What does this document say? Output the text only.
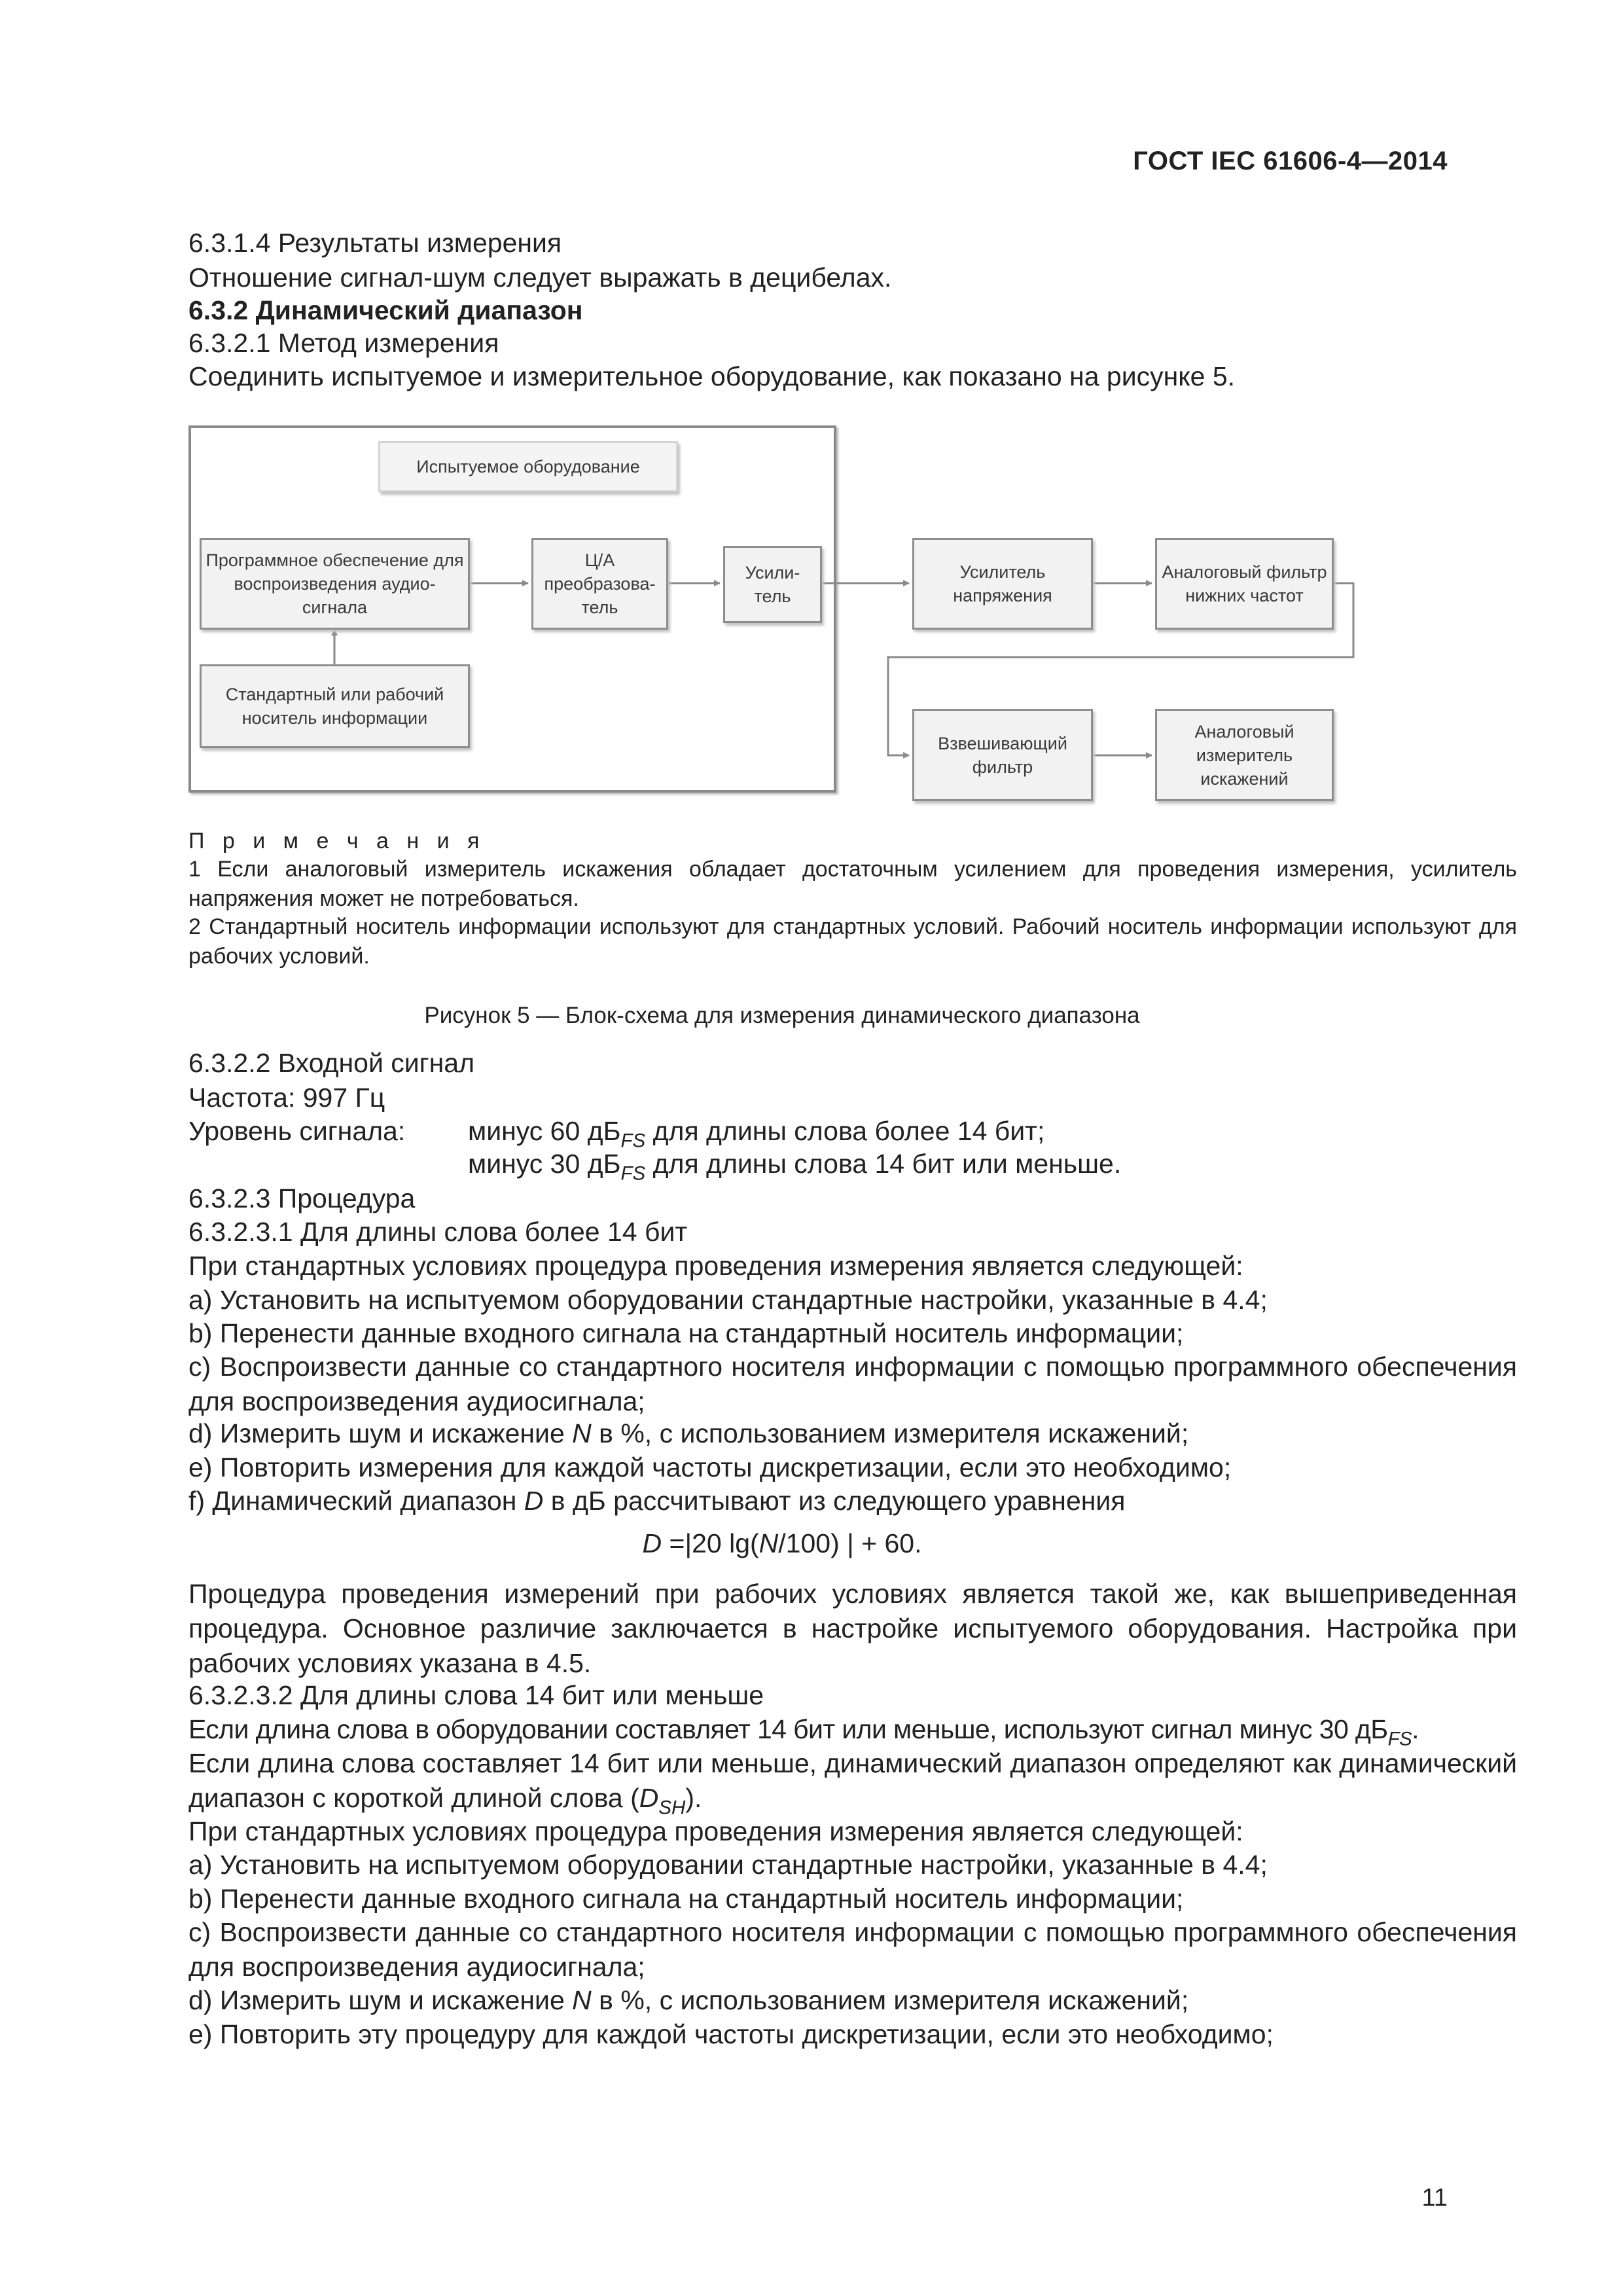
ГОСТ IEC 61606-4—2014
6.3.1.4 Результаты измерения
Отношение сигнал-шум следует выражать в децибелах.
6.3.2 Динамический диапазон
6.3.2.1 Метод измерения
Соединить испытуемое и измерительное оборудование, как показано на рисунке 5.
Испытуемое оборудование
Программное обеспечение для
воспроизведения аудио-
сигнала
Стандартный или рабочий
носитель информации
Ц/А
преобразова-
тель
Усили-
тель
Усилитель
напряжения
Аналоговый фильтр
нижних частот
Взвешивающий
фильтр
Аналоговый
измеритель
искажений
П р и м е ч а н и я
1 Если аналоговый измеритель искажения обладает достаточным усилением для проведения измерения, усилитель напряжения может не потребоваться.
2 Стандартный носитель информации используют для стандартных условий. Рабочий носитель информации используют для рабочих условий.
Рисунок 5 — Блок-схема для измерения динамического диапазона
6.3.2.2 Входной сигнал
Частота: 997 Гц
Уровень сигнала:	минус 60 $дБ_{FS}$ для длины слова более 14 бит;
минус 30 $дБ_{FS}$ для длины слова 14 бит или меньше.
6.3.2.3 Процедура
6.3.2.3.1 Для длины слова более 14 бит
При стандартных условиях процедура проведения измерения является следующей:
a) Установить на испытуемом оборудовании стандартные настройки, указанные в 4.4;
b) Перенести данные входного сигнала на стандартный носитель информации;
c) Воспроизвести данные со стандартного носителя информации с помощью программного обеспечения для воспроизведения аудиосигнала;
d) Измерить шум и искажение N в %, с использованием измерителя искажений;
e) Повторить измерения для каждой частоты дискретизации, если это необходимо;
f) Динамический диапазон D в дБ рассчитывают из следующего уравнения
D =|20 lg(N/100) | + 60.
Процедура проведения измерений при рабочих условиях является такой же, как вышеприведенная процедура. Основное различие заключается в настройке испытуемого оборудования. Настройка при рабочих условиях указана в 4.5.
6.3.2.3.2 Для длины слова 14 бит или меньше
Если длина слова в оборудовании составляет 14 бит или меньше, используют сигнал минус 30 $дБ_{FS}$.
Если длина слова составляет 14 бит или меньше, динамический диапазон определяют как динамический диапазон с короткой длиной слова $(D_{SH})$.
При стандартных условиях процедура проведения измерения является следующей:
a) Установить на испытуемом оборудовании стандартные настройки, указанные в 4.4;
b) Перенести данные входного сигнала на стандартный носитель информации;
c) Воспроизвести данные со стандартного носителя информации с помощью программного обеспечения для воспроизведения аудиосигнала;
d) Измерить шум и искажение N в %, с использованием измерителя искажений;
e) Повторить эту процедуру для каждой частоты дискретизации, если это необходимо;
11
